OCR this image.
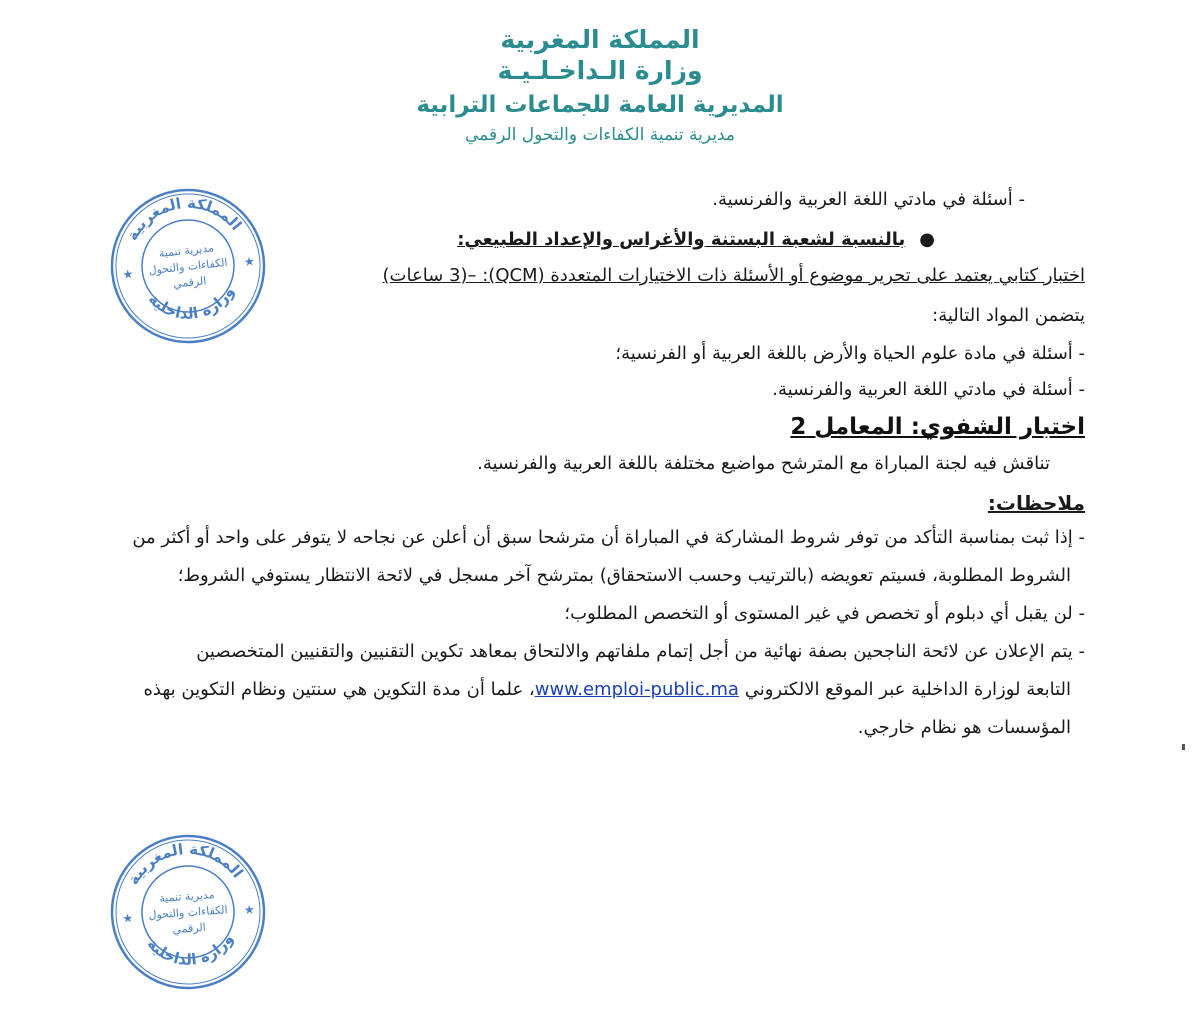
المملكة المغربية
وزارة الـداخـلـيـة
المديرية العامة للجماعات الترابية
مديرية تنمية الكفاءات والتحول الرقمي
المملكة المغربية
وزارة الداخلية
مديرية تنمية
الكفاءات والتحول
الرقمي
★
★
المملكة المغربية
وزارة الداخلية
مديرية تنمية
الكفاءات والتحول
الرقمي
★
★

- أسئلة في مادتي اللغة العربية والفرنسية.

●بالنسبة لشعبة البستنة والأغراس والإعداد الطبيعي:

اختبار كتابي يعتمد على تحرير موضوع أو الأسئلة ذات الاختيارات المتعددة (QCM): –(3 ساعات)

يتضمن المواد التالية:

- أسئلة في مادة علوم الحياة والأرض باللغة العربية أو الفرنسية؛

- أسئلة في مادتي اللغة العربية والفرنسية.

اختبار الشفوي: المعامل 2

تناقش فيه لجنة المباراة مع المترشح مواضيع مختلفة باللغة العربية والفرنسية.

ملاحظات:

- إذا ثبت بمناسبة التأكد من توفر شروط المشاركة في المباراة أن مترشحا سبق أن أعلن عن نجاحه لا يتوفر على واحد أو أكثر من

الشروط المطلوبة، فسيتم تعويضه (بالترتيب وحسب الاستحقاق) بمترشح آخر مسجل في لائحة الانتظار يستوفي الشروط؛

- لن يقبل أي دبلوم أو تخصص في غير المستوى أو التخصص المطلوب؛

- يتم الإعلان عن لائحة الناجحين بصفة نهائية من أجل إتمام ملفاتهم والالتحاق بمعاهد تكوين التقنيين والتقنيين المتخصصين

التابعة لوزارة الداخلية عبر الموقع الالكتروني www.emploi-public.ma، علما أن مدة التكوين هي سنتين ونظام التكوين بهذه

المؤسسات هو نظام خارجي.
